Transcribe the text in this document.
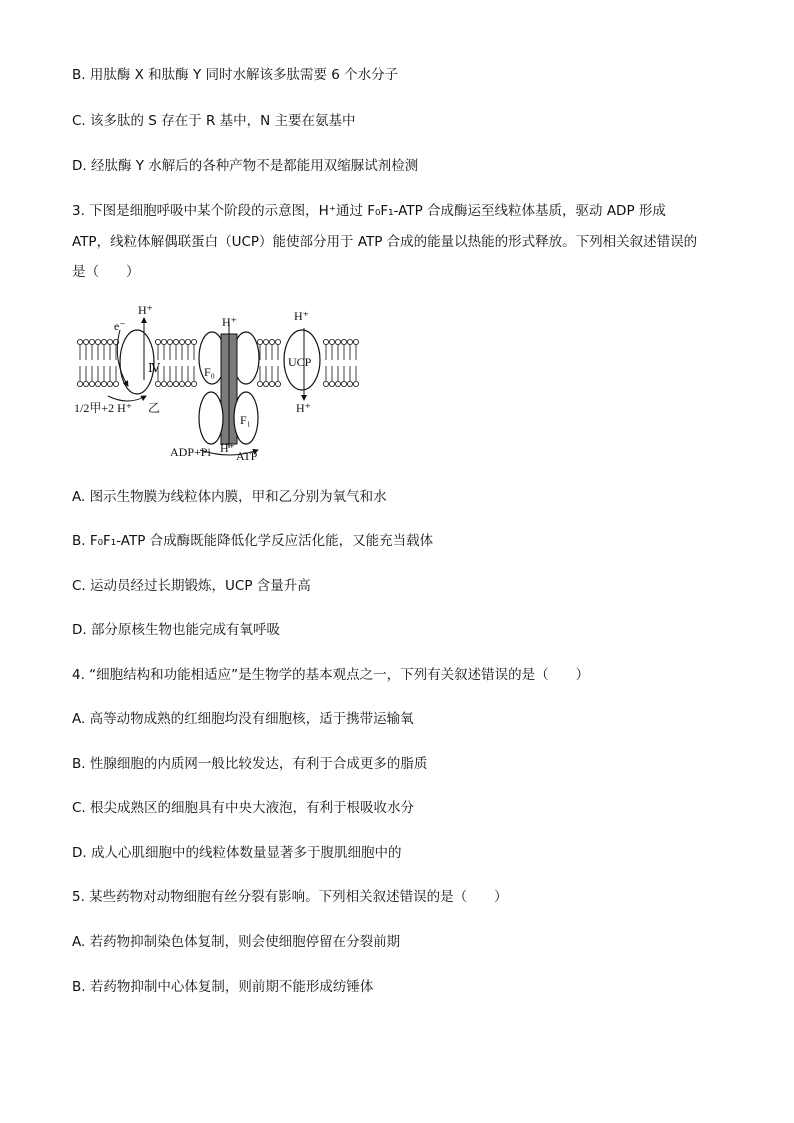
B. 用肽酶 X 和肽酶 Y 同时水解该多肽需要 6 个水分子
C. 该多肽的 S 存在于 R 基中，N 主要在氨基中
D. 经肽酶 Y 水解后的各种产物不是都能用双缩脲试剂检测
3. 下图是细胞呼吸中某个阶段的示意图，H⁺通过 F₀F₁-ATP 合成酶运至线粒体基质，驱动 ADP 形成
ATP，线粒体解偶联蛋白（UCP）能使部分用于 ATP 合成的能量以热能的形式释放。下列相关叙述错误的
是（　　）
H⁺
e⁻
Ⅳ
H⁺
F₀
H⁺
UCP
H⁺
1/2甲+2 H⁺ 乙
F₁
ADP+Pi H⁺
ATP
A. 图示生物膜为线粒体内膜，甲和乙分别为氧气和水
B. F₀F₁-ATP 合成酶既能降低化学反应活化能，又能充当载体
C. 运动员经过长期锻炼，UCP 含量升高
D. 部分原核生物也能完成有氧呼吸
4. “细胞结构和功能相适应”是生物学的基本观点之一，下列有关叙述错误的是（　　）
A. 高等动物成熟的红细胞均没有细胞核，适于携带运输氧
B. 性腺细胞的内质网一般比较发达，有利于合成更多的脂质
C. 根尖成熟区的细胞具有中央大液泡，有利于根吸收水分
D. 成人心肌细胞中的线粒体数量显著多于腹肌细胞中的
5. 某些药物对动物细胞有丝分裂有影响。下列相关叙述错误的是（　　）
A. 若药物抑制染色体复制，则会使细胞停留在分裂前期
B. 若药物抑制中心体复制，则前期不能形成纺锤体
